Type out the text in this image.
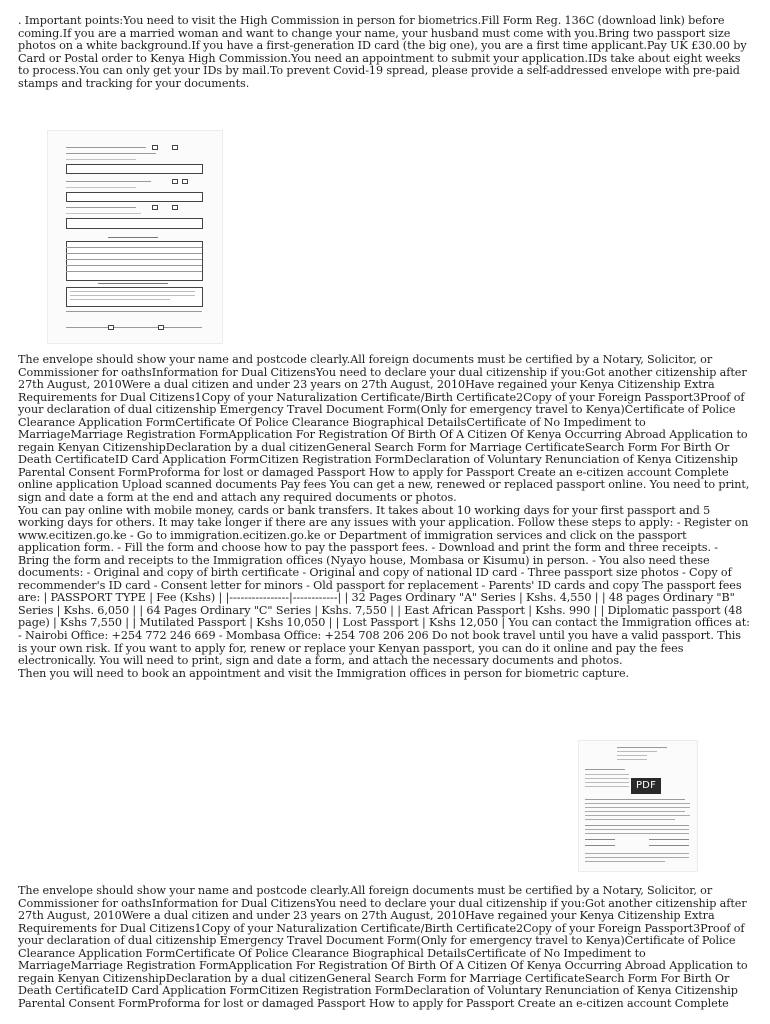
. Important points:You need to visit the High Commission in person for biometrics.Fill Form Reg. 136C (download link) before coming.If you are a married woman and want to change your name, your husband must come with you.Bring two passport size photos on a white background.If you have a first-generation ID card (the big one), you are a first time applicant.Pay UK £30.00 by Card or Postal order to Kenya High Commission.You need an appointment to submit your application.IDs take about eight weeks to process.You can only get your IDs by mail.To prevent Covid-19 spread, please provide a self-addressed envelope with pre-paid stamps and tracking for your documents.

The envelope should show your name and postcode clearly.All foreign documents must be certified by a Notary, Solicitor, or Commissioner for oathsInformation for Dual CitizensYou need to declare your dual citizenship if you:Got another citizenship after 27th August, 2010Were a dual citizen and under 23 years on 27th August, 2010Have regained your Kenya Citizenship Extra Requirements for Dual Citizens1Copy of your Naturalization Certificate/Birth Certificate2Copy of your Foreign Passport3Proof of your declaration of dual citizenship Emergency Travel Document Form(Only for emergency travel to Kenya)Certificate of Police Clearance Application FormCertificate Of Police Clearance Biographical DetailsCertificate of No Impediment to MarriageMarriage Registration FormApplication For Registration Of Birth Of A Citizen Of Kenya Occurring Abroad Application to regain Kenyan CitizenshipDeclaration by a dual citizenGeneral Search Form for Marriage CertificateSearch Form For Birth Or Death CertificateID Card Application FormCitizen Registration FormDeclaration of Voluntary Renunciation of Kenya Citizenship Parental Consent FormProforma for lost or damaged Passport How to apply for Passport Create an e-citizen account Complete online application Upload scanned documents Pay fees You can get a new, renewed or replaced passport online. You need to print, sign and date a form at the end and attach any required documents or photos.
You can pay online with mobile money, cards or bank transfers. It takes about 10 working days for your first passport and 5 working days for others. It may take longer if there are any issues with your application. Follow these steps to apply: - Register on www.ecitizen.go.ke - Go to immigration.ecitizen.go.ke or Department of immigration services and click on the passport application form. - Fill the form and choose how to pay the passport fees. - Download and print the form and three receipts. - Bring the form and receipts to the Immigration offices (Nyayo house, Mombasa or Kisumu) in person. - You also need these documents: - Original and copy of birth certificate - Original and copy of national ID card - Three passport size photos - Copy of recommender's ID card - Consent letter for minors - Old passport for replacement - Parents' ID cards and copy The passport fees are: | PASSPORT TYPE | Fee (Kshs) | |----------------|------------| | 32 Pages Ordinary "A" Series | Kshs. 4,550 | | 48 pages Ordinary "B" Series | Kshs. 6,050 | | 64 Pages Ordinary "C" Series | Kshs. 7,550 | | East African Passport | Kshs. 990 | | Diplomatic passport (48 page) | Kshs 7,550 | | Mutilated Passport | Kshs 10,050 | | Lost Passport | Kshs 12,050 | You can contact the Immigration offices at: - Nairobi Office: +254 772 246 669 - Mombasa Office: +254 708 206 206 Do not book travel until you have a valid passport. This is your own risk. If you want to apply for, renew or replace your Kenyan passport, you can do it online and pay the fees electronically. You will need to print, sign and date a form, and attach the necessary documents and photos.
Then you will need to book an appointment and visit the Immigration offices in person for biometric capture.

PDF

The envelope should show your name and postcode clearly.All foreign documents must be certified by a Notary, Solicitor, or Commissioner for oathsInformation for Dual CitizensYou need to declare your dual citizenship if you:Got another citizenship after 27th August, 2010Were a dual citizen and under 23 years on 27th August, 2010Have regained your Kenya Citizenship Extra Requirements for Dual Citizens1Copy of your Naturalization Certificate/Birth Certificate2Copy of your Foreign Passport3Proof of your declaration of dual citizenship Emergency Travel Document Form(Only for emergency travel to Kenya)Certificate of Police Clearance Application FormCertificate Of Police Clearance Biographical DetailsCertificate of No Impediment to MarriageMarriage Registration FormApplication For Registration Of Birth Of A Citizen Of Kenya Occurring Abroad Application to regain Kenyan CitizenshipDeclaration by a dual citizenGeneral Search Form for Marriage CertificateSearch Form For Birth Or Death CertificateID Card Application FormCitizen Registration FormDeclaration of Voluntary Renunciation of Kenya Citizenship Parental Consent FormProforma for lost or damaged Passport How to apply for Passport Create an e-citizen account Complete
